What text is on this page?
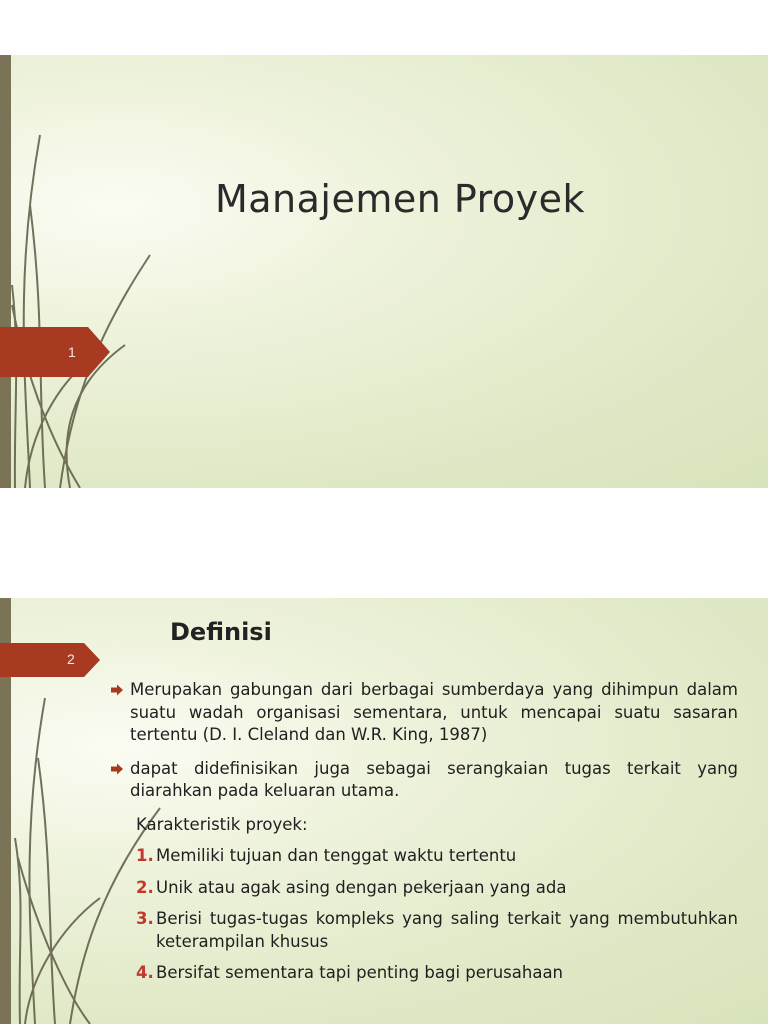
1
Manajemen Proyek
2
Definisi
Merupakan gabungan dari berbagai sumberdaya yang dihimpun dalam suatu wadah organisasi sementara, untuk mencapai suatu sasaran tertentu (D. I. Cleland dan W.R. King, 1987)
dapat didefinisikan juga sebagai serangkaian tugas terkait yang diarahkan pada keluaran utama.
Karakteristik proyek:
1. Memiliki tujuan dan tenggat waktu tertentu
2. Unik atau agak asing dengan pekerjaan yang ada
3. Berisi tugas-tugas kompleks yang saling terkait yang membutuhkan keterampilan khusus
4. Bersifat sementara tapi penting bagi perusahaan
